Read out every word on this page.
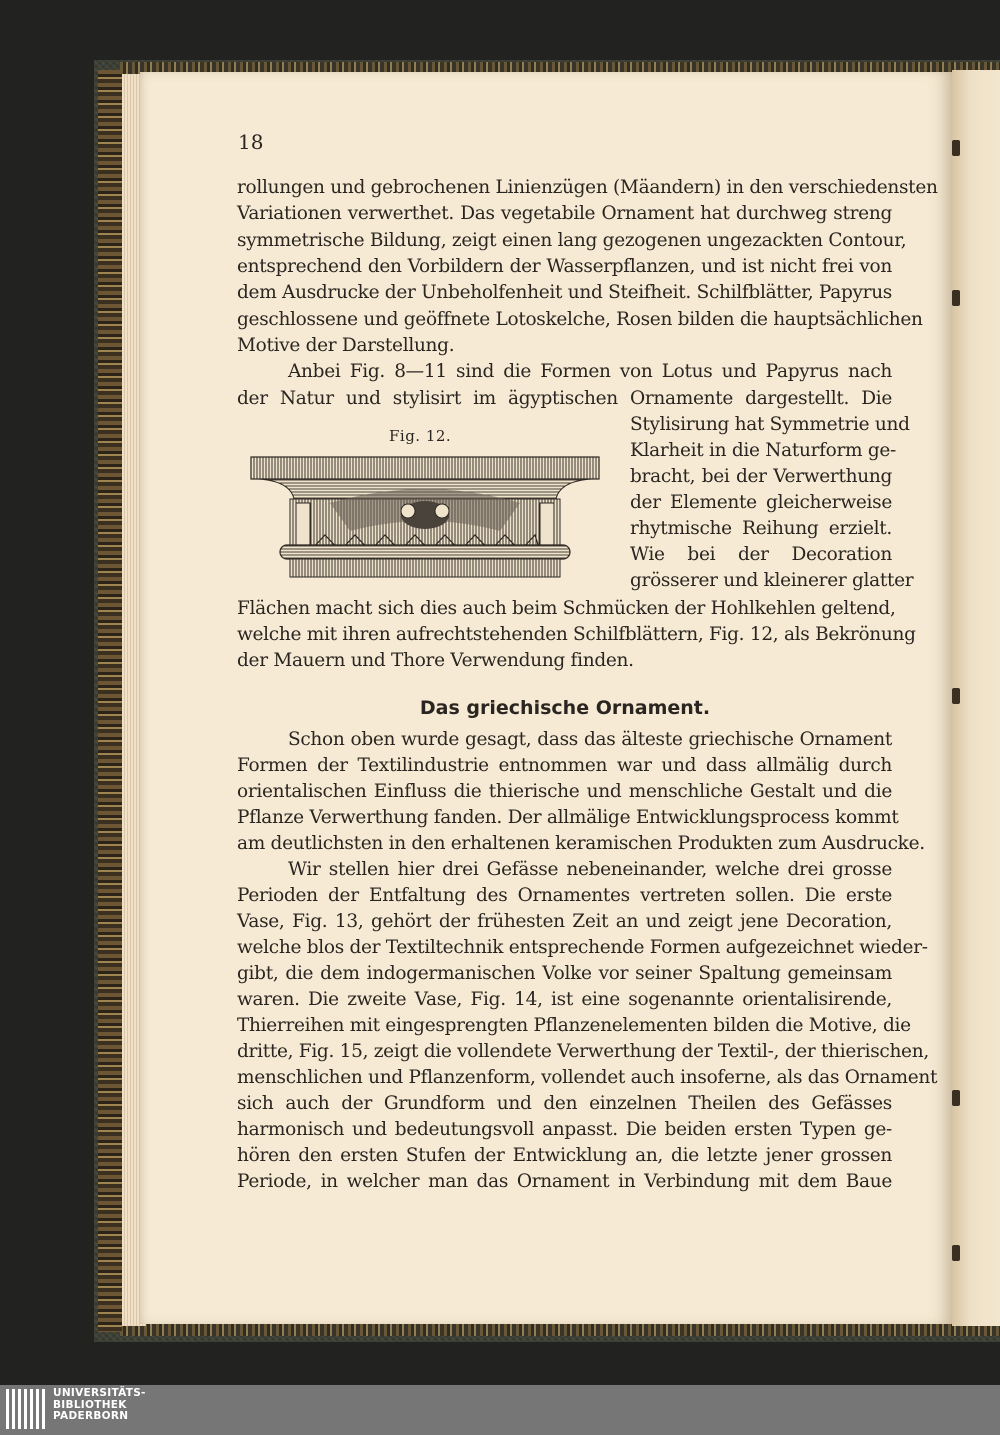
18

rollungen und gebrochenen Linienzügen (Mäandern) in den verschiedensten

Variationen verwerthet. Das vegetabile Ornament hat durchweg streng

symmetrische Bildung, zeigt einen lang gezogenen ungezackten Contour,

entsprechend den Vorbildern der Wasserpflanzen, und ist nicht frei von

dem Ausdrucke der Unbeholfenheit und Steifheit. Schilfblätter, Papyrus

geschlossene und geöffnete Lotoskelche, Rosen bilden die hauptsächlichen

Motive der Darstellung.

Anbei Fig. 8—11 sind die Formen von Lotus und Papyrus nach

der Natur und stylisirt im ägyptischen Ornamente dargestellt. Die

Fig. 12.

Stylisirung hat Symmetrie und

Klarheit in die Naturform ge-

bracht, bei der Verwerthung

der Elemente gleicherweise

rhytmische Reihung erzielt.

Wie bei der Decoration

grösserer und kleinerer glatter

Flächen macht sich dies auch beim Schmücken der Hohlkehlen geltend,

welche mit ihren aufrechtstehenden Schilfblättern, Fig. 12, als Bekrönung

der Mauern und Thore Verwendung finden.

Das griechische Ornament.

Schon oben wurde gesagt, dass das älteste griechische Ornament

Formen der Textilindustrie entnommen war und dass allmälig durch

orientalischen Einfluss die thierische und menschliche Gestalt und die

Pflanze Verwerthung fanden. Der allmälige Entwicklungsprocess kommt

am deutlichsten in den erhaltenen keramischen Produkten zum Ausdrucke.

Wir stellen hier drei Gefässe nebeneinander, welche drei grosse

Perioden der Entfaltung des Ornamentes vertreten sollen. Die erste

Vase, Fig. 13, gehört der frühesten Zeit an und zeigt jene Decoration,

welche blos der Textiltechnik entsprechende Formen aufgezeichnet wieder-

gibt, die dem indogermanischen Volke vor seiner Spaltung gemeinsam

waren. Die zweite Vase, Fig. 14, ist eine sogenannte orientalisirende,

Thierreihen mit eingesprengten Pflanzenelementen bilden die Motive, die

dritte, Fig. 15, zeigt die vollendete Verwerthung der Textil-, der thierischen,

menschlichen und Pflanzenform, vollendet auch insoferne, als das Ornament

sich auch der Grundform und den einzelnen Theilen des Gefässes

harmonisch und bedeutungsvoll anpasst. Die beiden ersten Typen ge-

hören den ersten Stufen der Entwicklung an, die letzte jener grossen

Periode, in welcher man das Ornament in Verbindung mit dem Baue

UNIVERSITÄTS-
BIBLIOTHEK
PADERBORN
